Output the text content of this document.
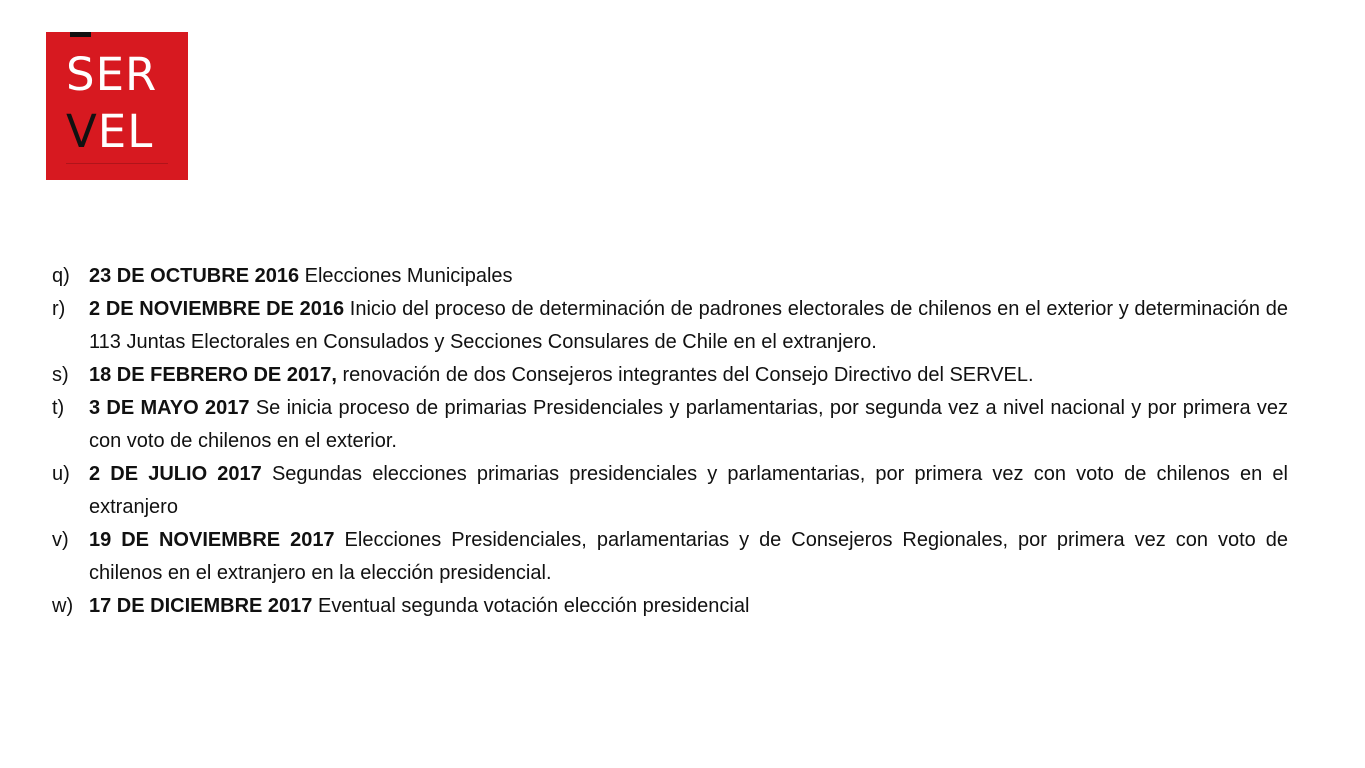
SER
VEL
q) 23 DE OCTUBRE 2016 Elecciones Municipales
r)	2 DE NOVIEMBRE DE 2016 Inicio del proceso de determinación de padrones electorales de chilenos en el exterior y determinación de 113 Juntas Electorales en Consulados y Secciones Consulares de Chile en el extranjero.
s)	18 DE FEBRERO DE 2017, renovación de dos Consejeros integrantes del Consejo Directivo del SERVEL.
t)	3 DE MAYO 2017 Se inicia proceso de primarias Presidenciales y parlamentarias, por segunda vez a nivel nacional y por primera vez con voto de chilenos en el exterior.
u) 2 DE JULIO 2017 Segundas elecciones primarias presidenciales y parlamentarias, por primera vez con voto de chilenos en el extranjero
v)	19 DE NOVIEMBRE 2017 Elecciones Presidenciales, parlamentarias y de Consejeros Regionales, por primera vez con voto de chilenos en el extranjero en la elección presidencial.
w) 17 DE DICIEMBRE 2017 Eventual segunda votación elección presidencial
